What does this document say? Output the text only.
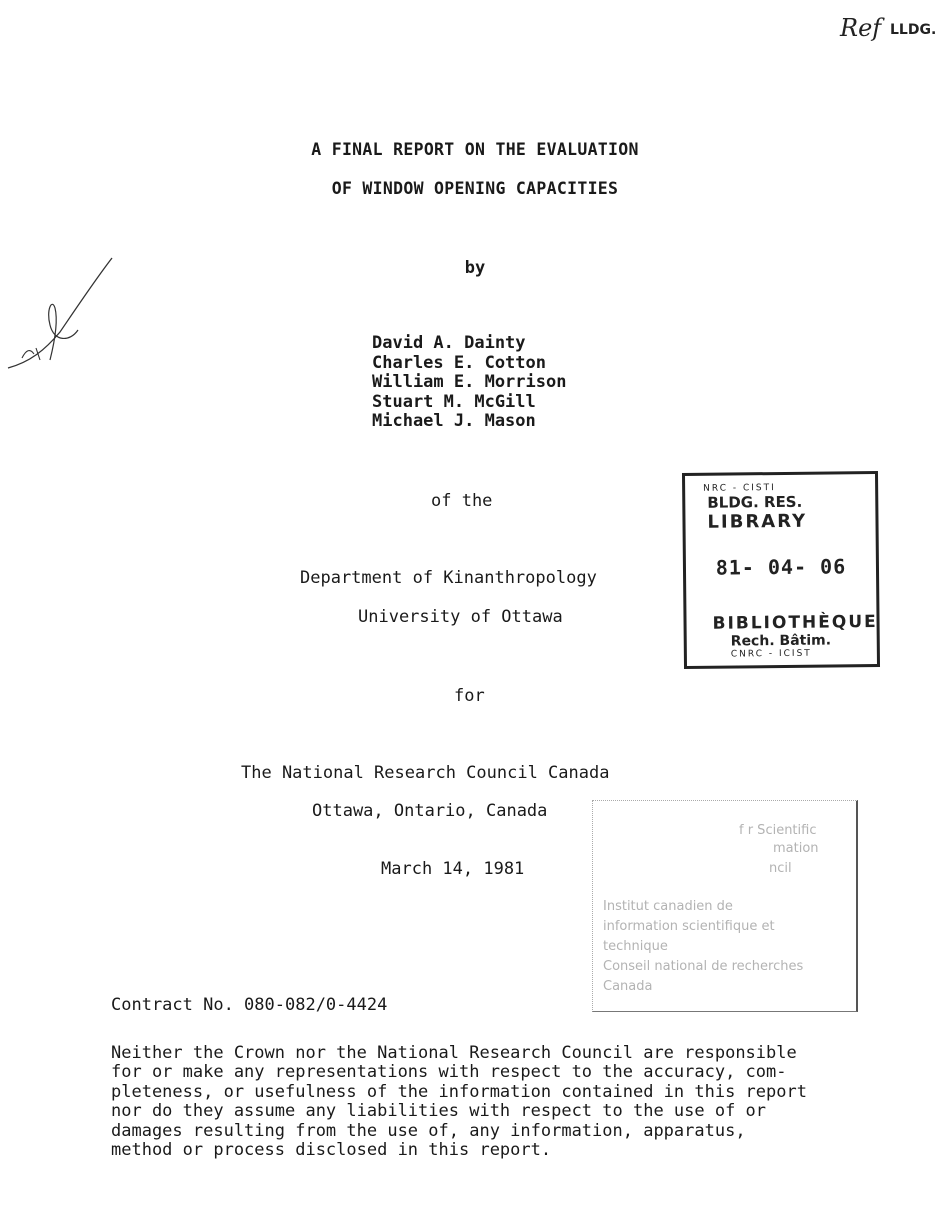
Ref LLDG.
A FINAL REPORT ON THE EVALUATION
OF WINDOW OPENING CAPACITIES
by
David A. Dainty
Charles E. Cotton
William E. Morrison
Stuart M. McGill
Michael J. Mason
of the
Department of Kinanthropology
University of Ottawa
for
The National Research Council Canada
Ottawa, Ontario, Canada
March 14, 1981
NRC - CISTI
BLDG. RES.
LIBRARY
81- 04- 06
BIBLIOTHÈQUE
Rech. Bâtim.
CNRC - ICIST
f r Scientific
mation
ncil
Institut canadien de
information scientifique et
technique
Conseil national de recherches
Canada
Contract No. 080-082/0-4424
Neither the Crown nor the National Research Council are responsible
for or make any representations with respect to the accuracy, com-
pleteness, or usefulness of the information contained in this report
nor do they assume any liabilities with respect to the use of or
damages resulting from the use of, any information, apparatus,
method or process disclosed in this report.
